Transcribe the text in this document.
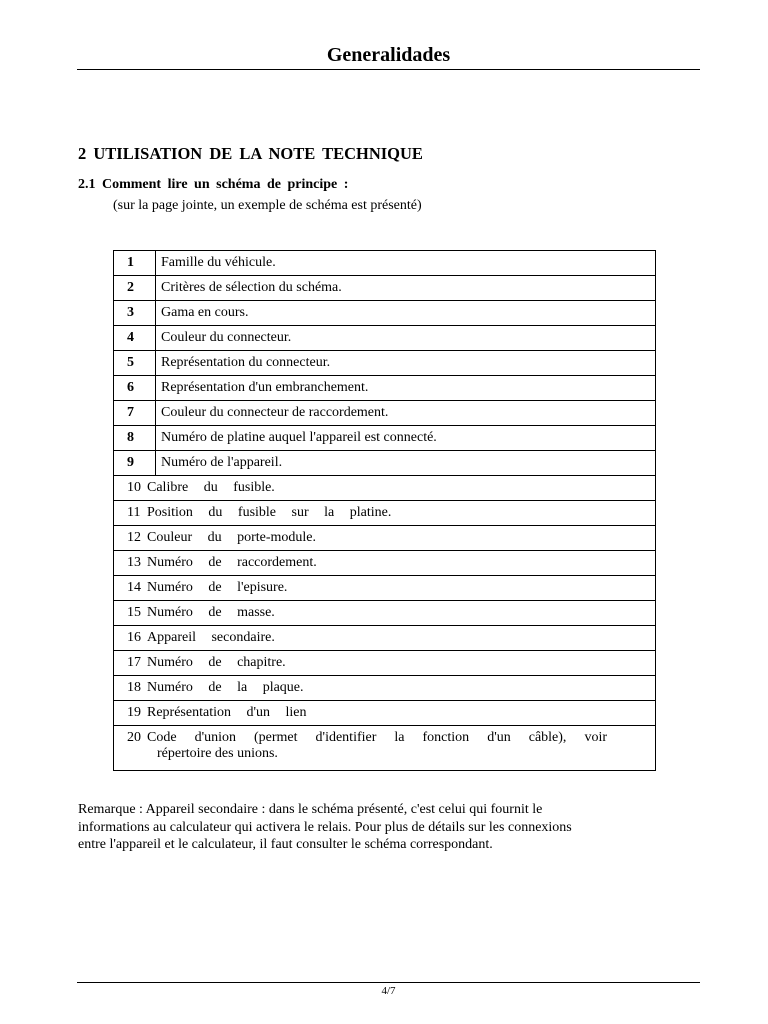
Generalidades
2 UTILISATION DE LA NOTE TECHNIQUE
2.1 Comment lire un schéma de principe :
(sur la page jointe, un exemple de schéma est présenté)
1	Famille du véhicule.
2	Critères de sélection du schéma.
3	Gama en cours.
4	Couleur du connecteur.
5	Représentation du connecteur.
6	Représentation d'un embranchement.
7	Couleur du connecteur de raccordement.
8	Numéro de platine auquel l'appareil est connecté.
9	Numéro de l'appareil.
10 Calibre du fusible.	
11 Position du fusible sur la platine.	
12 Couleur du porte-module.	
13 Numéro de raccordement.	
14 Numéro de l'episure.	
15 Numéro de masse.	
16 Appareil secondaire.	
17 Numéro de chapitre.	
18 Numéro de la plaque.	
19 Représentation d'un lien	

20 Code d'union (permet d'identifier la fonction d'un câble), voir
répertoire des unions.	
Remarque : Appareil secondaire : dans le schéma présenté, c'est celui qui fournit le
informations au calculateur qui activera le relais. Pour plus de détails sur les connexions
entre l'appareil et le calculateur, il faut consulter le schéma correspondant.
4/7
